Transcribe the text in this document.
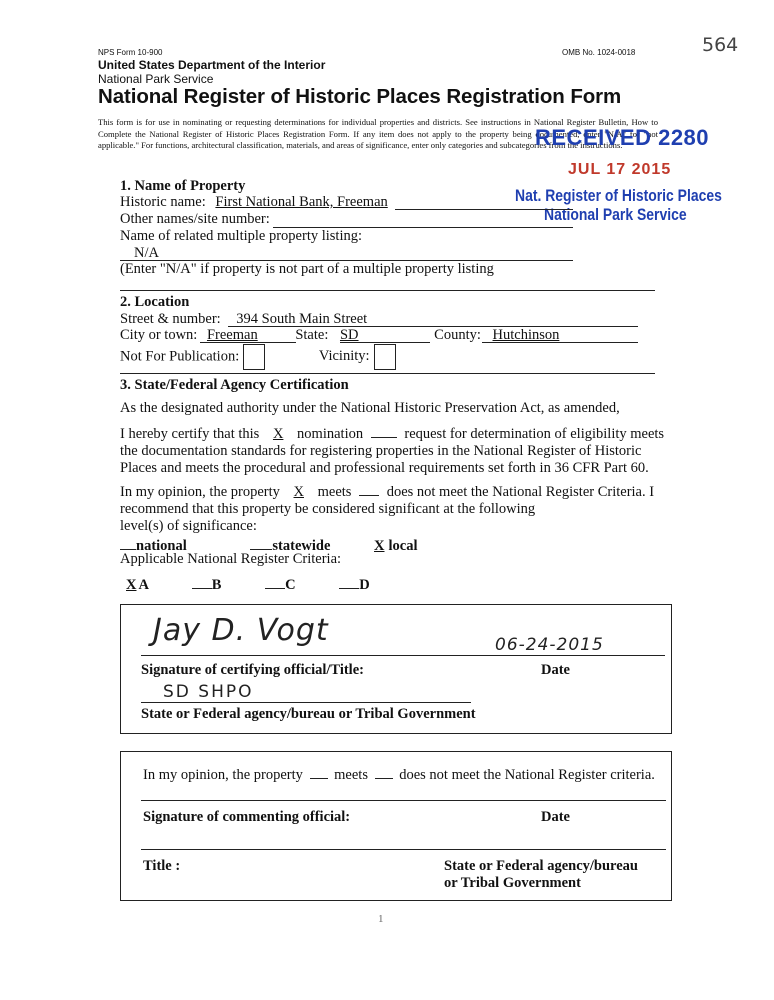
NPS Form 10-900	OMB No. 1024-0018
United States Department of the Interior
National Park Service
National Register of Historic Places Registration Form
This form is for use in nominating or requesting determinations for individual properties and districts. See instructions in National Register Bulletin, How to Complete the National Register of Historic Places Registration Form. If any item does not apply to the property being documented, enter "N/A" for "not applicable." For functions, architectural classification, materials, and areas of significance, enter only categories and subcategories from the instructions.
564
RECEIVED 2280
JUL 17 2015
Nat. Register of Historic Places
National Park Service
1. Name of Property
Historic name: First National Bank, Freeman
Other names/site number:
Name of related multiple property listing:
N/A
(Enter "N/A" if property is not part of a multiple property listing
2. Location
Street & number: 394 South Main Street
City or town: Freeman	State: SD	County: Hutchinson
Not For Publication:	Vicinity:
3. State/Federal Agency Certification
As the designated authority under the National Historic Preservation Act, as amended,
I hereby certify that this X nomination	request for determination of eligibility meets
the documentation standards for registering properties in the National Register of Historic
Places and meets the procedural and professional requirements set forth in 36 CFR Part 60.
In my opinion, the property X meets does not meet the National Register Criteria. I
recommend that this property be considered significant at the following
level(s) of significance:
national	statewide	X local
Applicable National Register Criteria:
X A	B	C	D
Jay D. Vogt	06-24-2015
Signature of certifying official/Title:	Date
SD SHPO
State or Federal agency/bureau or Tribal Government
In my opinion, the property meets does not meet the National Register criteria.
Signature of commenting official:	Date
Title :	State or Federal agency/bureau
or Tribal Government
1
